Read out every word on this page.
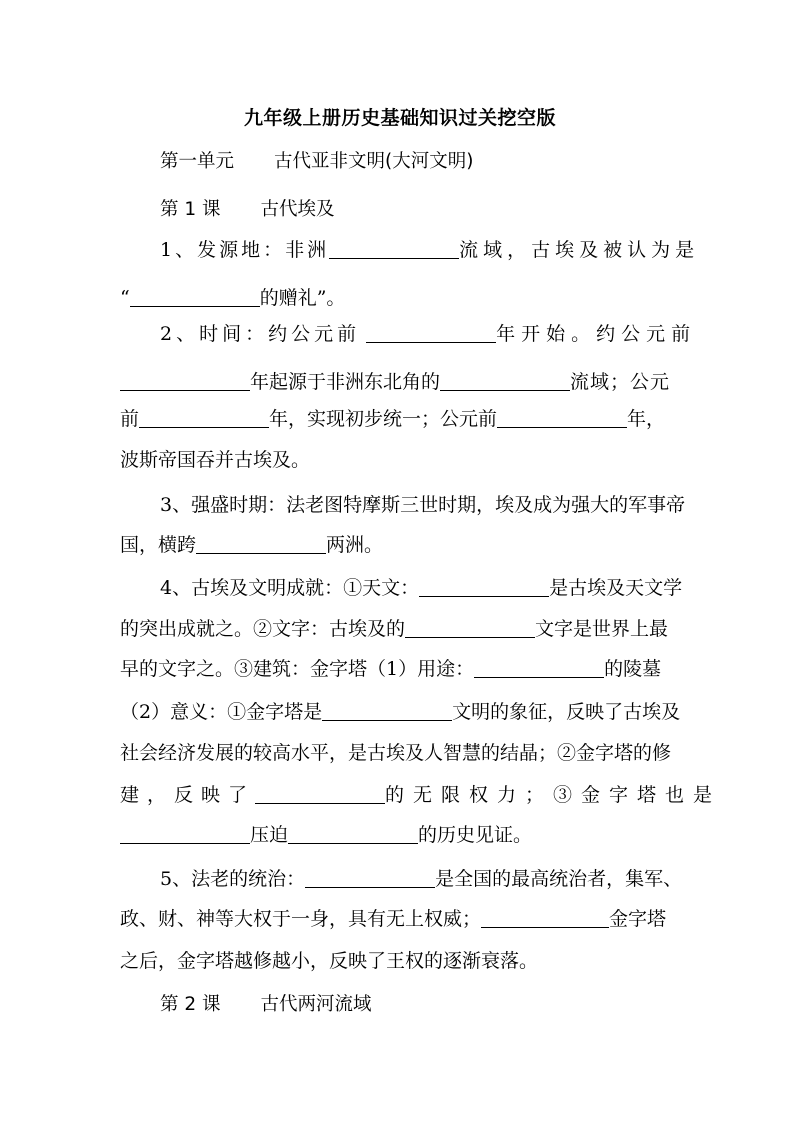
九年级上册历史基础知识过关挖空版
第一单元 古代亚非文明(大河文明)
第 1 课 古代埃及
1、发源地：非洲	流域，古埃及被认为是
“	的赠礼”。
2、时间：约公元前	年开始。约公元前
年起源于非洲东北角的	流域；公元
前	年，实现初步统一；公元前	年，
波斯帝国吞并古埃及。
3、强盛时期：法老图特摩斯三世时期，埃及成为强大的军事帝
国，横跨	两洲。
4、古埃及文明成就：①天文：	是古埃及天文学
的突出成就之。②文字：古埃及的	文字是世界上最
早的文字之。③建筑：金字塔（1）用途：	的陵墓
（2）意义：①金字塔是	文明的象征，反映了古埃及
社会经济发展的较高水平，是古埃及人智慧的结晶；②金字塔的修
建，反映了	的无限权力；③金字塔也是
压迫	的历史见证。
5、法老的统治：	是全国的最高统治者，集军、
政、财、神等大权于一身，具有无上权威；	金字塔
之后，金字塔越修越小，反映了王权的逐渐衰落。
第 2 课 古代两河流域
